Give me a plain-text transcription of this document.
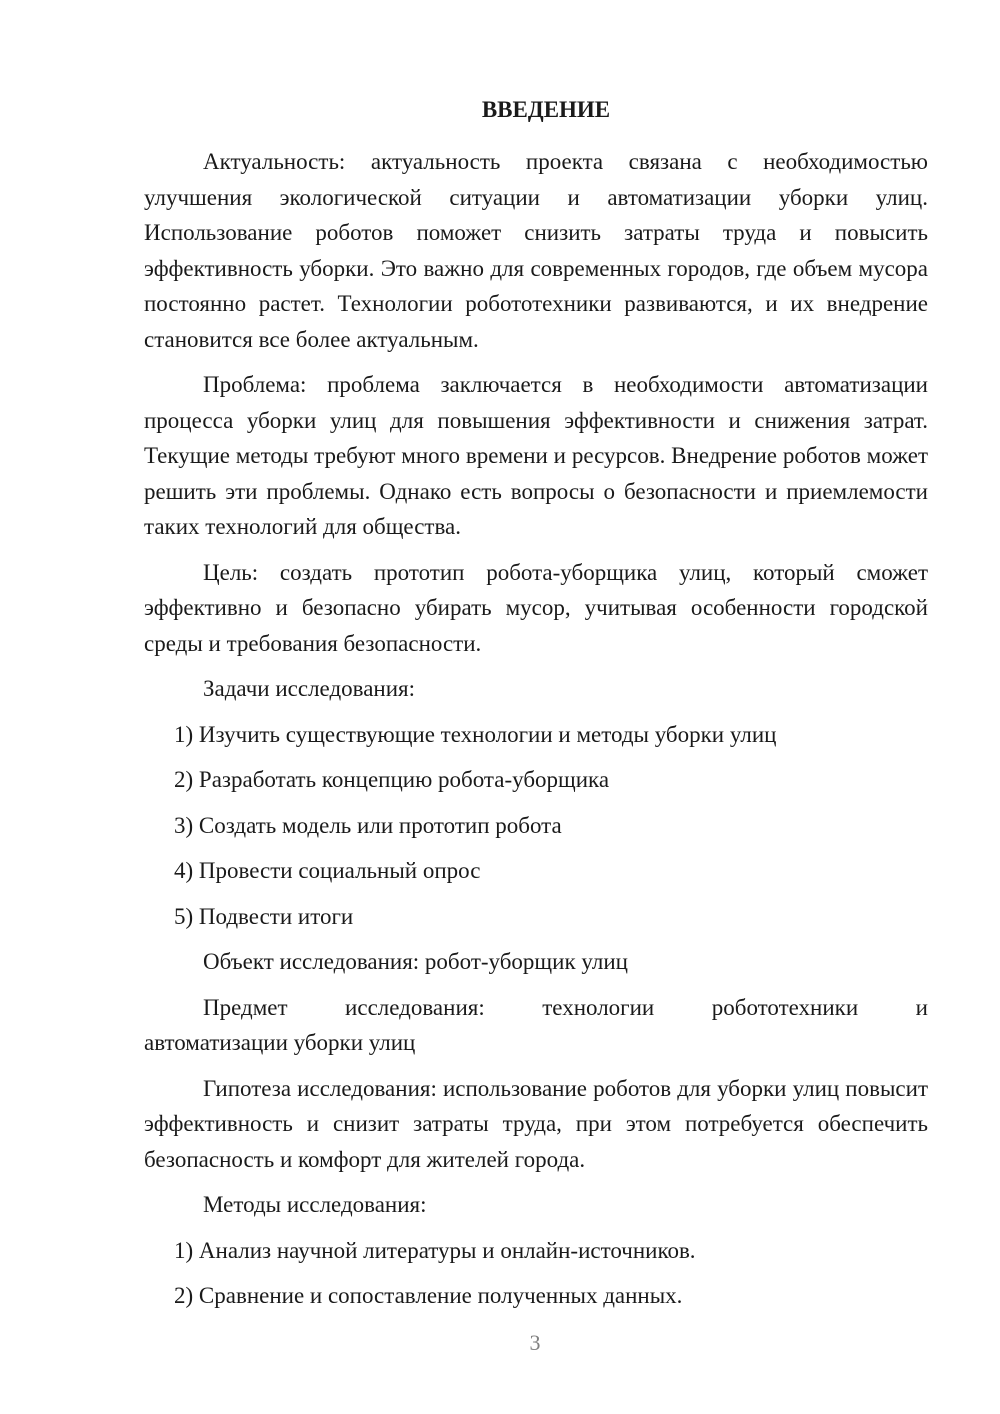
ВВЕДЕНИЕ

Актуальность: актуальность проекта связана с необходимостью улучшения экологической ситуации и автоматизации уборки улиц. Использование роботов поможет снизить затраты труда и повысить эффективность уборки. Это важно для современных городов, где объем мусора постоянно растет. Технологии робототехники развиваются, и их внедрение становится все более актуальным.

Проблема: проблема заключается в необходимости автоматизации процесса уборки улиц для повышения эффективности и снижения затрат. Текущие методы требуют много времени и ресурсов. Внедрение роботов может решить эти проблемы. Однако есть вопросы о безопасности и приемлемости таких технологий для общества.

Цель: создать прототип робота-уборщика улиц, который сможет эффективно и безопасно убирать мусор, учитывая особенности городской среды и требования безопасности.

Задачи исследования:
1) Изучить существующие технологии и методы уборки улиц
2) Разработать концепцию робота-уборщика
3) Создать модель или прототип робота
4) Провести социальный опрос
5) Подвести итоги
Объект исследования: робот-уборщик улиц

Предмет исследования: технологии робототехники и

автоматизации уборки улиц

Гипотеза исследования: использование роботов для уборки улиц повысит эффективность и снизит затраты труда, при этом потребуется обеспечить безопасность и комфорт для жителей города.

Методы исследования:
1) Анализ научной литературы и онлайн-источников.
2) Сравнение и сопоставление полученных данных.
3
